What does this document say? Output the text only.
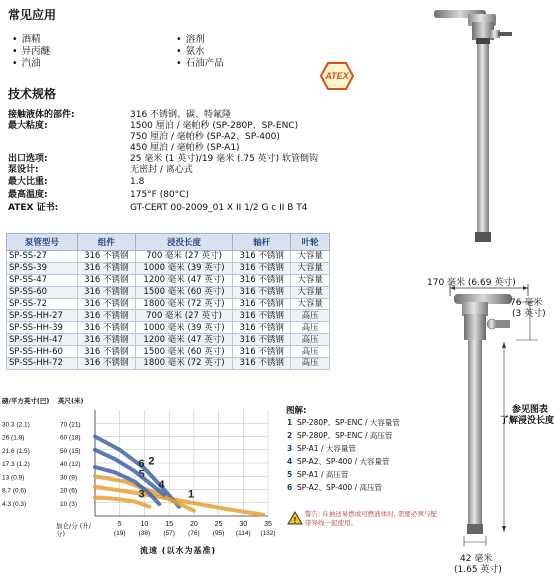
常见应用
• 酒精
• 异丙醚
• 汽油
• 溶剂
• 氨水
• 石油产品
ATEX
技术规格
接触液体的部件:	316 不锈钢、碳、特氟隆
最大粘度:	1500 厘泊 / 毫帕秒 (SP-280P、SP-ENC)
750 厘泊 / 毫帕秒 (SP-A2、SP-400)
450 厘泊 / 毫帕秒 (SP-A1)
出口选项:	25 毫米 (1 英寸)/19 毫米 (.75 英寸) 软管倒钩
泵设计:	无密封 / 离心式
最大比重:	1.8
最高温度:	175°F (80°C)
ATEX 证书:	GT-CERT 00-2009_01 X II 1/2 G c II B T4
泵管型号	组件	浸没长度	轴杆	叶轮
SP-SS-27	316 不锈钢	700 毫米 (27 英寸)	316 不锈钢	大容量
SP-SS-39	316 不锈钢	1000 毫米 (39 英寸)	316 不锈钢	大容量
SP-SS-47	316 不锈钢	1200 毫米 (47 英寸)	316 不锈钢	大容量
SP-SS-60	316 不锈钢	1500 毫米 (60 英寸)	316 不锈钢	大容量
SP-SS-72	316 不锈钢	1800 毫米 (72 英寸)	316 不锈钢	大容量
SP-SS-HH-27	316 不锈钢	700 毫米 (27 英寸)	316 不锈钢	高压
SP-SS-HH-39	316 不锈钢	1000 毫米 (39 英寸)	316 不锈钢	高压
SP-SS-HH-47	316 不锈钢	1200 毫米 (47 英寸)	316 不锈钢	高压
SP-SS-HH-60	316 不锈钢	1500 毫米 (60 英寸)	316 不锈钢	高压
SP-SS-HH-72	316 不锈钢	1800 毫米 (72 英寸)	316 不锈钢	高压
磅/平方英寸(巴) 英尺(米)
30.3 (2.1)	70 (21)
26 (1.8)	60 (18)
21.6 (1.5)	50 (15)
17.3 (1.2)	40 (12)
13 (0.9)	30 (9)
8.7 (0.6)	20 (6)
4.3 (0.3)	10 (3)
5
(19)
10
(38)
15
(57)
20
(76)
25
(95)
30
(114)
35
(132)
1
2
3
4
5
6
加仑/分 (升/分)
流速 (以水为基准)
图解:
1 SP-280P、SP-ENC / 大容量管
2 SP-280P、SP-ENC / 高压管
3 SP-A1 / 大容量管
4 SP-A2、SP-400 / 大容量管
5 SP-A1 / 高压管
6 SP-A2、SP-400 / 高压管
!
警告: 在抽送易燃或可燃液体时, 需要必须与配带导线一起使用。
170 毫米 (6.69 英寸)
76 毫米
(3 英寸)
参见图表
了解浸没长度
42 毫米
(1.65 英寸)
